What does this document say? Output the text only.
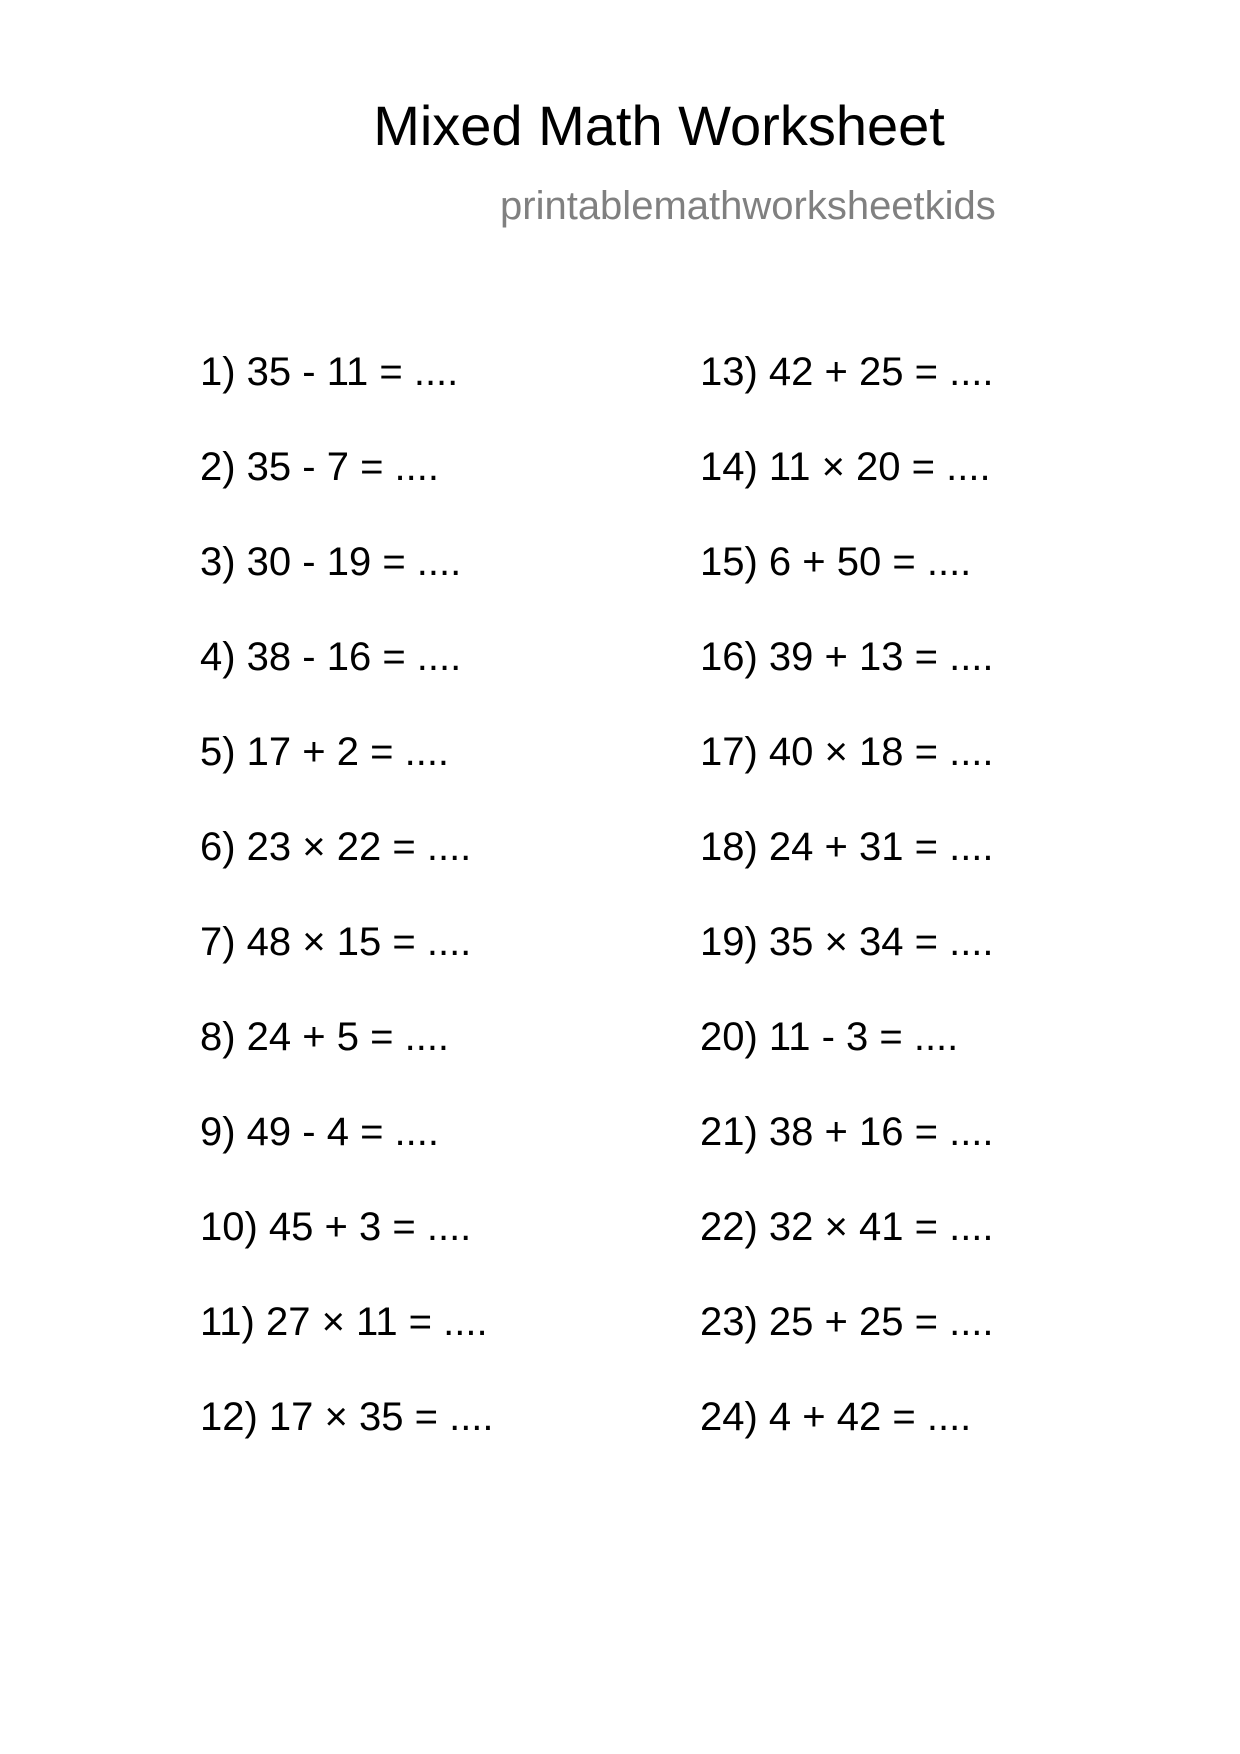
Mixed Math Worksheet
printablemathworksheetkids
1) 35 - 11 = ....
2) 35 - 7 = ....
3) 30 - 19 = ....
4) 38 - 16 = ....
5) 17 + 2 = ....
6) 23 × 22 = ....
7) 48 × 15 = ....
8) 24 + 5 = ....
9) 49 - 4 = ....
10) 45 + 3 = ....
11) 27 × 11 = ....
12) 17 × 35 = ....
13) 42 + 25 = ....
14) 11 × 20 = ....
15) 6 + 50 = ....
16) 39 + 13 = ....
17) 40 × 18 = ....
18) 24 + 31 = ....
19) 35 × 34 = ....
20) 11 - 3 = ....
21) 38 + 16 = ....
22) 32 × 41 = ....
23) 25 + 25 = ....
24) 4 + 42 = ....
